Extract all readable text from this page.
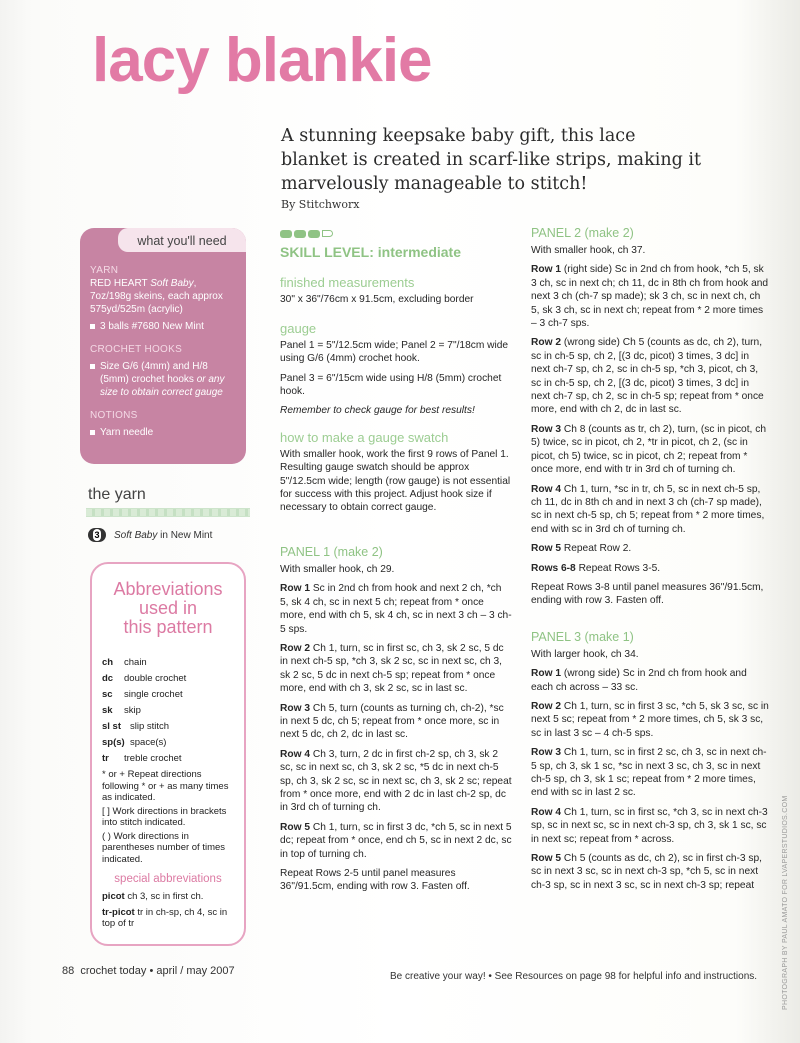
lacy blankie

A stunning keepsake baby gift, this lace blanket is created in scarf-like strips, making it marvelously manageable to stitch!

By Stitchworx
what you'll need
YARN
RED HEART Soft Baby, 7oz/198g skeins, each approx 575yd/525m (acrylic)
3 balls #7680 New Mint
CROCHET HOOKS
Size G/6 (4mm) and H/8 (5mm) crochet hooks or any size to obtain correct gauge
NOTIONS
Yarn needle
the yarn
3 Soft Baby in New Mint
Abbreviations
used in
this pattern
ch	chain
dc	double crochet
sc	single crochet
sk	skip
sl st slip stitch
sp(s) space(s)
tr	treble crochet
* or + Repeat directions following * or + as many times as indicated.
[ ] Work directions in brackets into stitch indicated.
( ) Work directions in parentheses number of times indicated.
special abbreviations
picot ch 3, sc in first ch.
tr-picot tr in ch-sp, ch 4, sc in top of tr
SKILL LEVEL: intermediate
finished measurements
30" x 36"/76cm x 91.5cm, excluding border
gauge
Panel 1 = 5"/12.5cm wide; Panel 2 = 7"/18cm wide using G/6 (4mm) crochet hook.
Panel 3 = 6"/15cm wide using H/8 (5mm) crochet hook.
Remember to check gauge for best results!
how to make a gauge swatch
With smaller hook, work the first 9 rows of Panel 1. Resulting gauge swatch should be approx 5"/12.5cm wide; length (row gauge) is not essential for success with this project. Adjust hook size if necessary to obtain correct gauge.
PANEL 1 (make 2)
With smaller hook, ch 29.
Row 1 Sc in 2nd ch from hook and next 2 ch, *ch 5, sk 4 ch, sc in next 5 ch; repeat from * once more, end with ch 5, sk 4 ch, sc in next 3 ch – 3 ch-5 sps.
Row 2 Ch 1, turn, sc in first sc, ch 3, sk 2 sc, 5 dc in next ch-5 sp, *ch 3, sk 2 sc, sc in next sc, ch 3, sk 2 sc, 5 dc in next ch-5 sp; repeat from * once more, end with ch 3, sk 2 sc, sc in last sc.
Row 3 Ch 5, turn (counts as turning ch, ch-2), *sc in next 5 dc, ch 5; repeat from * once more, sc in next 5 dc, ch 2, dc in last sc.
Row 4 Ch 3, turn, 2 dc in first ch-2 sp, ch 3, sk 2 sc, sc in next sc, ch 3, sk 2 sc, *5 dc in next ch-5 sp, ch 3, sk 2 sc, sc in next sc, ch 3, sk 2 sc; repeat from * once more, end with 2 dc in last ch-2 sp, dc in 3rd ch of turning ch.
Row 5 Ch 1, turn, sc in first 3 dc, *ch 5, sc in next 5 dc; repeat from * once, end ch 5, sc in next 2 dc, sc in top of turning ch.
Repeat Rows 2-5 until panel measures 36"/91.5cm, ending with row 3. Fasten off.
PANEL 2 (make 2)
With smaller hook, ch 37.
Row 1 (right side) Sc in 2nd ch from hook, *ch 5, sk 3 ch, sc in next ch; ch 11, dc in 8th ch from hook and next 3 ch (ch-7 sp made); sk 3 ch, sc in next ch, ch 5, sk 3 ch, sc in next ch; repeat from * 2 more times – 3 ch-7 sps.
Row 2 (wrong side) Ch 5 (counts as dc, ch 2), turn, sc in ch-5 sp, ch 2, [(3 dc, picot) 3 times, 3 dc] in next ch-7 sp, ch 2, sc in ch-5 sp, *ch 3, picot, ch 3, sc in ch-5 sp, ch 2, [(3 dc, picot) 3 times, 3 dc] in next ch-7 sp, ch 2, sc in ch-5 sp; repeat from * once more, end with ch 2, dc in last sc.
Row 3 Ch 8 (counts as tr, ch 2), turn, (sc in picot, ch 5) twice, sc in picot, ch 2, *tr in picot, ch 2, (sc in picot, ch 5) twice, sc in picot, ch 2; repeat from * once more, end with tr in 3rd ch of turning ch.
Row 4 Ch 1, turn, *sc in tr, ch 5, sc in next ch-5 sp, ch 11, dc in 8th ch and in next 3 ch (ch-7 sp made), sc in next ch-5 sp, ch 5; repeat from * 2 more times, end with sc in 3rd ch of turning ch.
Row 5 Repeat Row 2.
Rows 6-8 Repeat Rows 3-5.
Repeat Rows 3-8 until panel measures 36"/91.5cm, ending with row 3. Fasten off.
PANEL 3 (make 1)
With larger hook, ch 34.
Row 1 (wrong side) Sc in 2nd ch from hook and each ch across – 33 sc.
Row 2 Ch 1, turn, sc in first 3 sc, *ch 5, sk 3 sc, sc in next 5 sc; repeat from * 2 more times, ch 5, sk 3 sc, sc in last 3 sc – 4 ch-5 sps.
Row 3 Ch 1, turn, sc in first 2 sc, ch 3, sc in next ch-5 sp, ch 3, sk 1 sc, *sc in next 3 sc, ch 3, sc in next ch-5 sp, ch 3, sk 1 sc; repeat from * 2 more times, end with sc in last 2 sc.
Row 4 Ch 1, turn, sc in first sc, *ch 3, sc in next ch-3 sp, sc in next sc, sc in next ch-3 sp, ch 3, sk 1 sc, sc in next sc; repeat from * across.
Row 5 Ch 5 (counts as dc, ch 2), sc in first ch-3 sp, sc in next 3 sc, sc in next ch-3 sp, *ch 5, sc in next ch-3 sp, sc in next 3 sc, sc in next ch-3 sp; repeat
88 crochet today • april / may 2007	Be creative your way! • See Resources on page 98 for helpful info and instructions.	PHOTOGRAPH BY PAUL AMATO FOR LVAPERSTUDIOS.COM
